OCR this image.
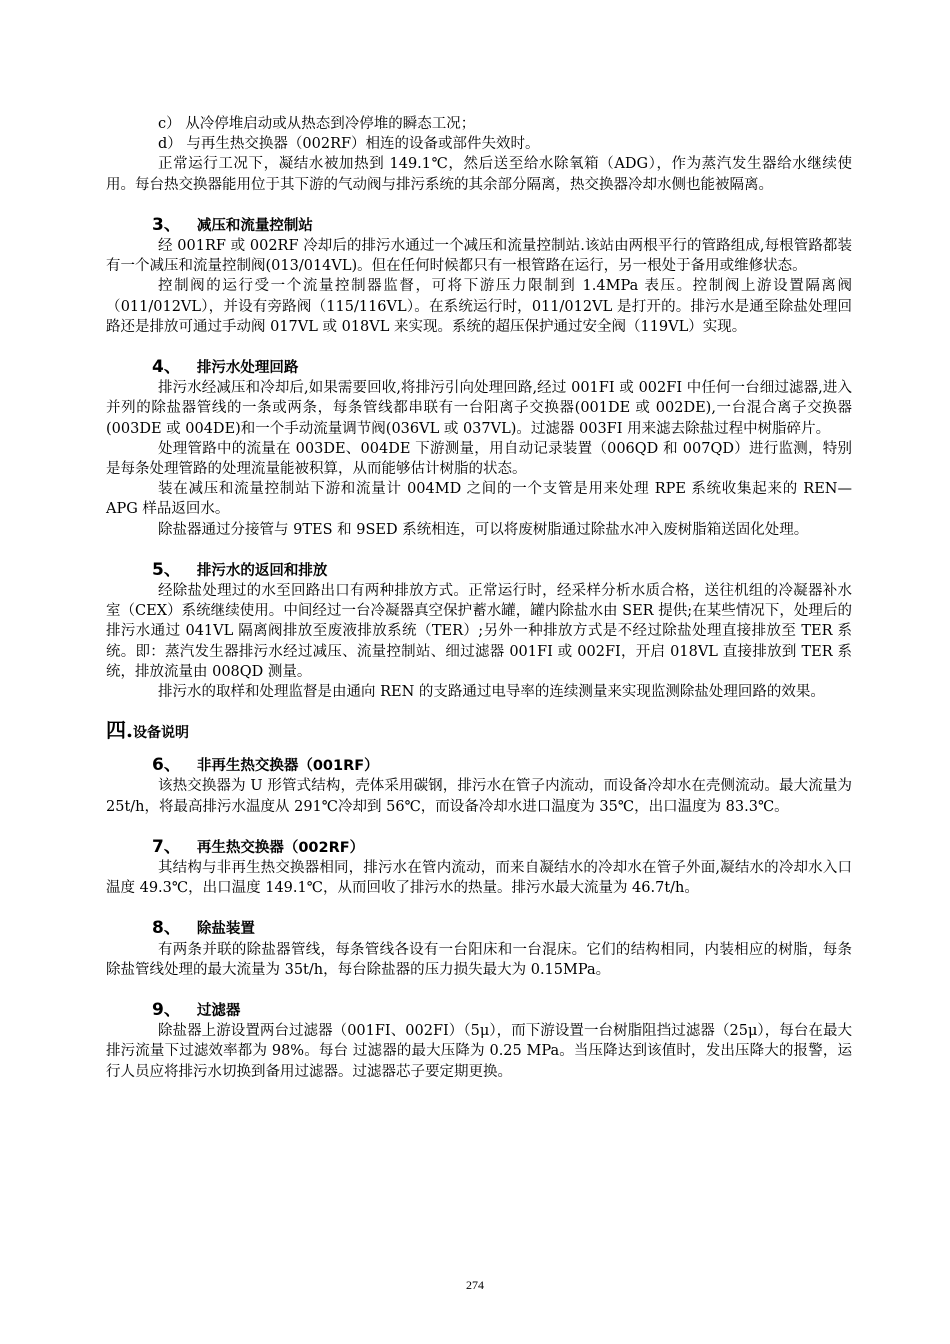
c） 从冷停堆启动或从热态到冷停堆的瞬态工况；

d） 与再生热交换器（002RF）相连的设备或部件失效时。

正常运行工况下，凝结水被加热到 149.1℃，然后送至给水除氧箱（ADG），作为蒸汽发生器给水继续使用。每台热交换器能用位于其下游的气动阀与排污系统的其余部分隔离，热交换器冷却水侧也能被隔离。

3、 减压和流量控制站

经 001RF 或 002RF 冷却后的排污水通过一个减压和流量控制站.该站由两根平行的管路组成,每根管路都装有一个减压和流量控制阀(013/014VL)。但在任何时候都只有一根管路在运行，另一根处于备用或维修状态。

控制阀的运行受一个流量控制器监督，可将下游压力限制到 1.4MPa 表压。控制阀上游设置隔离阀（011/012VL），并设有旁路阀（115/116VL）。在系统运行时，011/012VL 是打开的。排污水是通至除盐处理回路还是排放可通过手动阀 017VL 或 018VL 来实现。系统的超压保护通过安全阀（119VL）实现。

4、 排污水处理回路

排污水经减压和冷却后,如果需要回收,将排污引向处理回路,经过 001FI 或 002FI 中任何一台细过滤器,进入并列的除盐器管线的一条或两条，每条管线都串联有一台阳离子交换器(001DE 或 002DE),一台混合离子交换器(003DE 或 004DE)和一个手动流量调节阀(036VL 或 037VL)。过滤器 003FI 用来滤去除盐过程中树脂碎片。

处理管路中的流量在 003DE、004DE 下游测量，用自动记录装置（006QD 和 007QD）进行监测，特别是每条处理管路的处理流量能被积算，从而能够估计树脂的状态。

装在减压和流量控制站下游和流量计 004MD 之间的一个支管是用来处理 RPE 系统收集起来的 REN—APG 样品返回水。

除盐器通过分接管与 9TES 和 9SED 系统相连，可以将废树脂通过除盐水冲入废树脂箱送固化处理。

5、 排污水的返回和排放

经除盐处理过的水至回路出口有两种排放方式。正常运行时，经采样分析水质合格，送往机组的冷凝器补水室（CEX）系统继续使用。中间经过一台冷凝器真空保护蓄水罐，罐内除盐水由 SER 提供;在某些情况下，处理后的排污水通过 041VL 隔离阀排放至废液排放系统（TER）;另外一种排放方式是不经过除盐处理直接排放至 TER 系统。即：蒸汽发生器排污水经过减压、流量控制站、细过滤器 001FI 或 002FI，开启 018VL 直接排放到 TER 系统，排放流量由 008QD 测量。

排污水的取样和处理监督是由通向 REN 的支路通过电导率的连续测量来实现监测除盐处理回路的效果。

四.设备说明
6、 非再生热交换器（001RF）

该热交换器为 U 形管式结构，壳体采用碳钢，排污水在管子内流动，而设备冷却水在壳侧流动。最大流量为 25t/h，将最高排污水温度从 291℃冷却到 56℃，而设备冷却水进口温度为 35℃，出口温度为 83.3℃。

7、 再生热交换器（002RF）

其结构与非再生热交换器相同，排污水在管内流动，而来自凝结水的冷却水在管子外面,凝结水的冷却水入口温度 49.3℃，出口温度 149.1℃，从而回收了排污水的热量。排污水最大流量为 46.7t/h。

8、 除盐装置

有两条并联的除盐器管线，每条管线各设有一台阳床和一台混床。它们的结构相同，内装相应的树脂，每条除盐管线处理的最大流量为 35t/h，每台除盐器的压力损失最大为 0.15MPa。

9、 过滤器

除盐器上游设置两台过滤器（001FI、002FI）（5μ），而下游设置一台树脂阻挡过滤器（25μ），每台在最大排污流量下过滤效率都为 98%。每台 过滤器的最大压降为 0.25 MPa。当压降达到该值时，发出压降大的报警，运行人员应将排污水切换到备用过滤器。过滤器芯子要定期更换。

274
